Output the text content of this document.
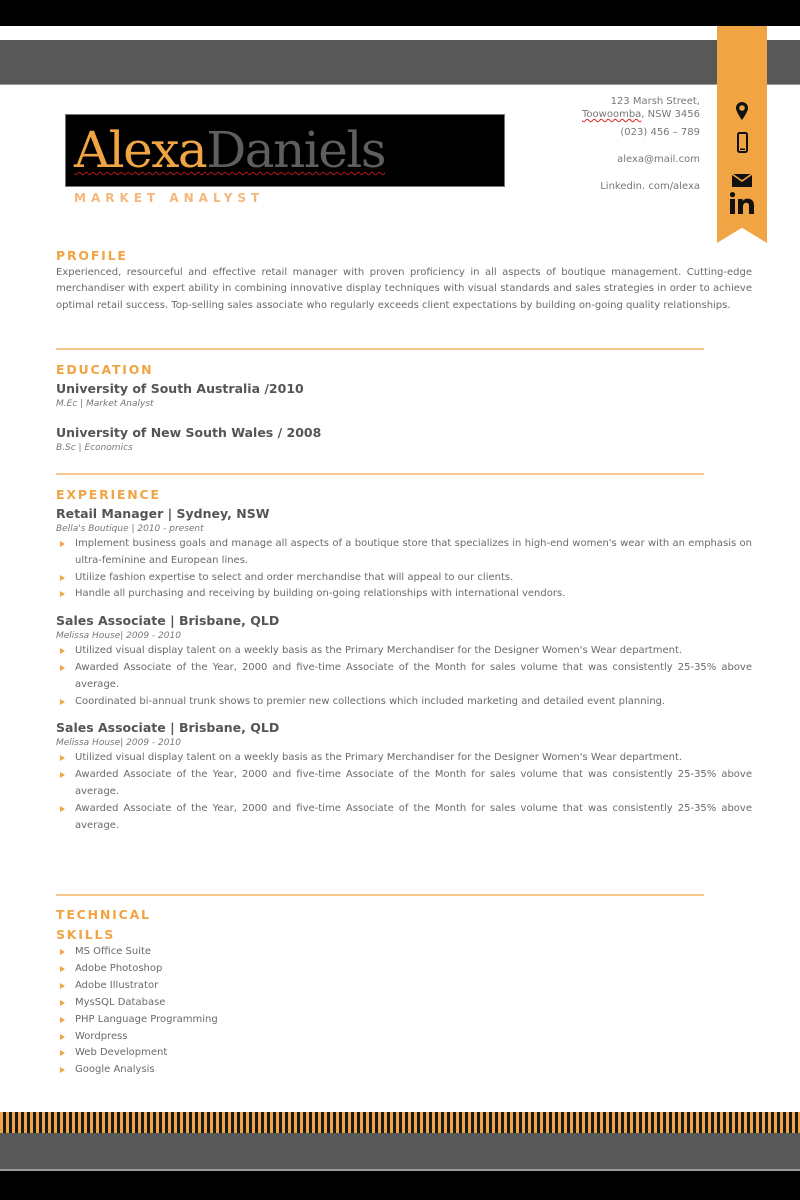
AlexaDaniels
MARKET ANALYST
123 Marsh Street,
Toowoomba, NSW 3456
(023) 456 – 789
alexa@mail.com
Linkedin. com/alexa
PROFILE
Experienced, resourceful and effective retail manager with proven proficiency in all aspects of boutique management. Cutting-edge merchandiser with expert ability in combining innovative display techniques with visual standards and sales strategies in order to achieve optimal retail success. Top-selling sales associate who regularly exceeds client expectations by building on-going quality relationships.
EDUCATION
University of South Australia /2010
M.Ec | Market Analyst
University of New South Wales / 2008
B.Sc | Economics
EXPERIENCE
Retail Manager | Sydney, NSW
Bella's Boutique | 2010 - present
Implement business goals and manage all aspects of a boutique store that specializes in high-end women's wear with an emphasis on ultra-feminine and European lines.
Utilize fashion expertise to select and order merchandise that will appeal to our clients.
Handle all purchasing and receiving by building on-going relationships with international vendors.
Sales Associate | Brisbane, QLD
Melissa House| 2009 - 2010
Utilized visual display talent on a weekly basis as the Primary Merchandiser for the Designer Women's Wear department.
Awarded Associate of the Year, 2000 and five-time Associate of the Month for sales volume that was consistently 25-35% above average.
Coordinated bi-annual trunk shows to premier new collections which included marketing and detailed event planning.
Sales Associate | Brisbane, QLD
Melissa House| 2009 - 2010
Utilized visual display talent on a weekly basis as the Primary Merchandiser for the Designer Women's Wear department.
Awarded Associate of the Year, 2000 and five-time Associate of the Month for sales volume that was consistently 25-35% above average.
Awarded Associate of the Year, 2000 and five-time Associate of the Month for sales volume that was consistently 25-35% above average.
TECHNICAL
SKILLS
MS Office Suite
Adobe Photoshop
Adobe Illustrator
MysSQL Database
PHP Language Programming
Wordpress
Web Development
Google Analysis
